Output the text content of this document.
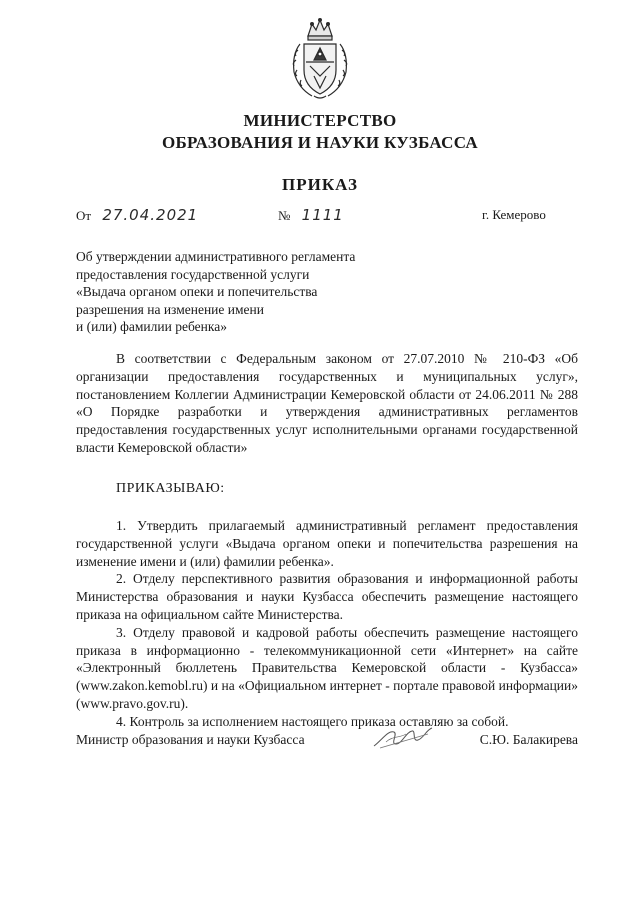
МИНИСТЕРСТВО
ОБРАЗОВАНИЯ И НАУКИ КУЗБАССА
ПРИКАЗ
От 27.04.2021	№ 1111	г. Кемерово
Об утверждении административного регламента
предоставления государственной услуги
«Выдача органом опеки и попечительства
разрешения на изменение имени
и (или) фамилии ребенка»

В соответствии с Федеральным законом от 27.07.2010 № 210-ФЗ «Об организации предоставления государственных и муниципальных услуг», постановлением Коллегии Администрации Кемеровской области от 24.06.2011 № 288 «О Порядке разработки и утверждения административных регламентов предоставления государственных услуг исполнительными органами государственной власти Кемеровской области»

ПРИКАЗЫВАЮ:

1. Утвердить прилагаемый административный регламент предоставления государственной услуги «Выдача органом опеки и попечительства разрешения на изменение имени и (или) фамилии ребенка».

2. Отделу перспективного развития образования и информационной работы Министерства образования и науки Кузбасса обеспечить размещение настоящего приказа на официальном сайте Министерства.

3. Отделу правовой и кадровой работы обеспечить размещение настоящего приказа в информационно - телекоммуникационной сети «Интернет» на сайте «Электронный бюллетень Правительства Кемеровской области - Кузбасса» (www.zakon.kemobl.ru) и на «Официальном интернет - портале правовой информации» (www.pravo.gov.ru).

4. Контроль за исполнением настоящего приказа оставляю за собой.

Министр образования и науки Кузбасса	С.Ю. Балакирева
